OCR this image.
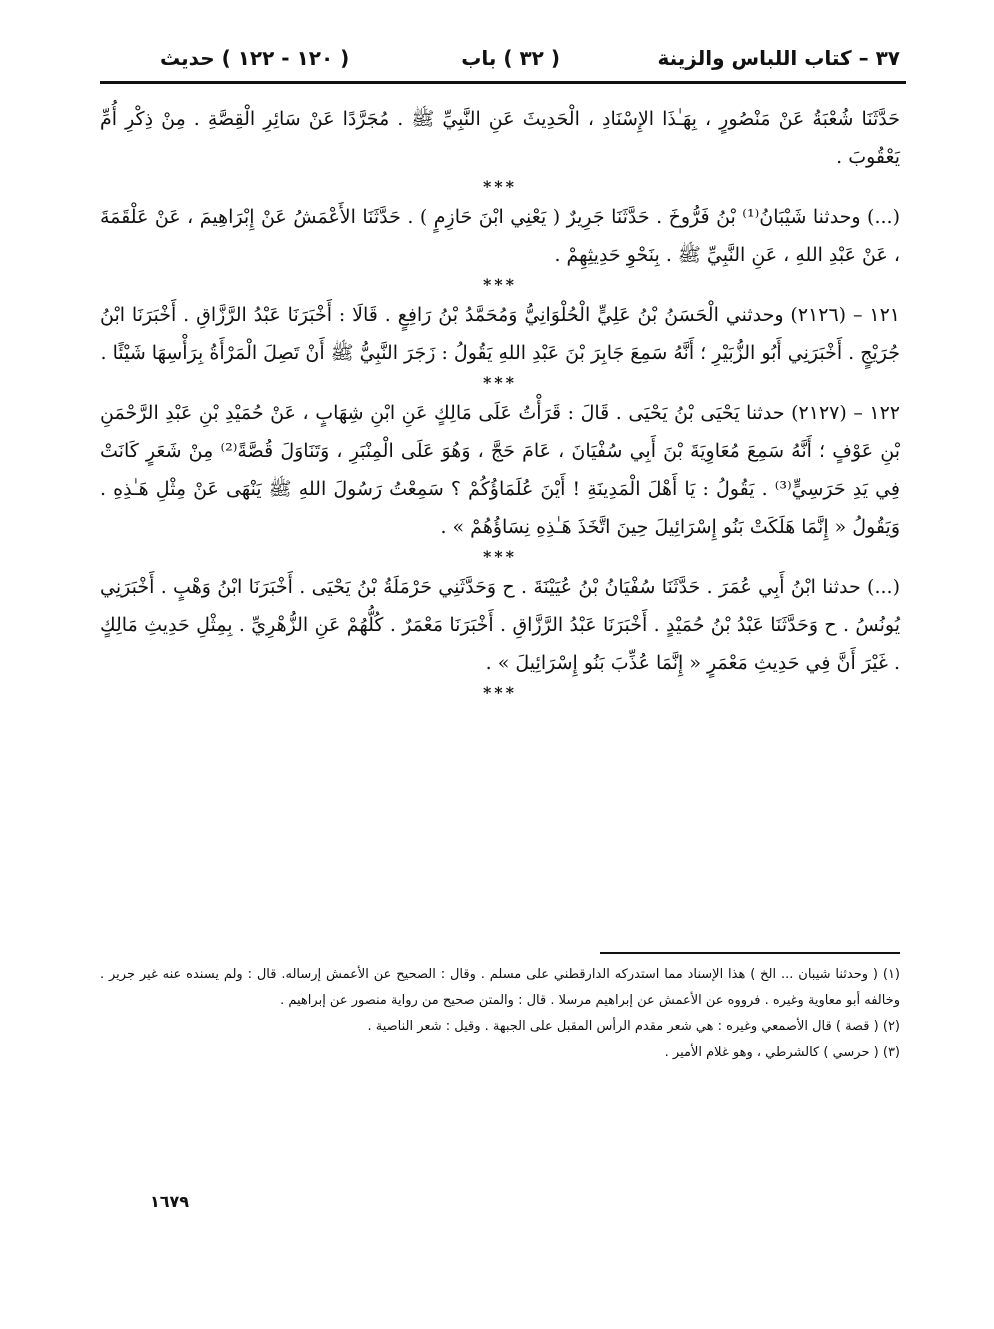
٣٧ – كتاب اللباس والزينة
( ٣٢ ) باب
( ١٢٠ - ١٢٢ ) حديث

حَدَّثَنَا شُعْبَةُ عَنْ مَنْصُورٍ ، بِهَـٰذَا الإِسْنَادِ ، الْحَدِيثَ عَنِ النَّبِيِّ ﷺ . مُجَرَّدًا عَنْ سَائِرِ الْقِصَّةِ . مِنْ ذِكْرِ أُمِّ يَعْقُوبَ .

***

(...) وحدثنا شَيْبَانُ⁽¹⁾ بْنُ فَرُّوخَ . حَدَّثَنَا جَرِيرٌ ( يَعْنِي ابْنَ حَازِمٍ ) . حَدَّثَنَا الأَعْمَشُ عَنْ إِبْرَاهِيمَ ، عَنْ عَلْقَمَةَ ، عَنْ عَبْدِ اللهِ ، عَنِ النَّبِيِّ ﷺ . بِنَحْوِ حَدِيثِهِمْ .

***

١٢١ – (٢١٢٦) وحدثني الْحَسَنُ بْنُ عَلِيٍّ الْحُلْوَانِيُّ وَمُحَمَّدُ بْنُ رَافِعٍ . قَالَا : أَخْبَرَنَا عَبْدُ الرَّزَّاقِ . أَخْبَرَنَا ابْنُ جُرَيْجٍ . أَخْبَرَنِي أَبُو الزُّبَيْرِ ؛ أَنَّهُ سَمِعَ جَابِرَ بْنَ عَبْدِ اللهِ يَقُولُ : زَجَرَ النَّبِيُّ ﷺ أَنْ تَصِلَ الْمَرْأَةُ بِرَأْسِهَا شَيْئًا .

***

١٢٢ – (٢١٢٧) حدثنا يَحْيَى بْنُ يَحْيَى . قَالَ : قَرَأْتُ عَلَى مَالِكٍ عَنِ ابْنِ شِهَابٍ ، عَنْ حُمَيْدِ بْنِ عَبْدِ الرَّحْمَنِ بْنِ عَوْفٍ ؛ أَنَّهُ سَمِعَ مُعَاوِيَةَ بْنَ أَبِي سُفْيَانَ ، عَامَ حَجَّ ، وَهُوَ عَلَى الْمِنْبَرِ ، وَتَنَاوَلَ قُصَّةً⁽²⁾ مِنْ شَعَرٍ كَانَتْ فِي يَدِ حَرَسِيٍّ⁽³⁾ . يَقُولُ : يَا أَهْلَ الْمَدِينَةِ ! أَيْنَ عُلَمَاؤُكُمْ ؟ سَمِعْتُ رَسُولَ اللهِ ﷺ يَنْهَى عَنْ مِثْلِ هَـٰذِهِ . وَيَقُولُ « إِنَّمَا هَلَكَتْ بَنُو إِسْرَائِيلَ حِينَ اتَّخَذَ هَـٰذِهِ نِسَاؤُهُمْ » .

***

(...) حدثنا ابْنُ أَبِي عُمَرَ . حَدَّثَنَا سُفْيَانُ بْنُ عُيَيْنَةَ . ح وَحَدَّثَنِي حَرْمَلَةُ بْنُ يَحْيَى . أَخْبَرَنَا ابْنُ وَهْبٍ . أَخْبَرَنِي يُونُسُ . ح وَحَدَّثَنَا عَبْدُ بْنُ حُمَيْدٍ . أَخْبَرَنَا عَبْدُ الرَّزَّاقِ . أَخْبَرَنَا مَعْمَرٌ . كُلُّهُمْ عَنِ الزُّهْرِيِّ . بِمِثْلِ حَدِيثِ مَالِكٍ . غَيْرَ أَنَّ فِي حَدِيثِ مَعْمَرٍ « إِنَّمَا عُذِّبَ بَنُو إِسْرَائِيلَ » .

***

(١) ( وحدثنا شيبان ... الخ ) هذا الإسناد مما استدركه الدارقطني على مسلم . وقال : الصحيح عن الأعمش إرساله. قال : ولم يسنده عنه غير جرير . وخالفه أبو معاوية وغيره . فرووه عن الأعمش عن إبراهيم مرسلا . قال : والمتن صحيح من رواية منصور عن إبراهيم .

(٢) ( قصة ) قال الأصمعي وغيره : هي شعر مقدم الرأس المقبل على الجبهة . وقيل : شعر الناصية .

(٣) ( حرسي ) كالشرطي ، وهو غلام الأمير .

١٦٧٩
